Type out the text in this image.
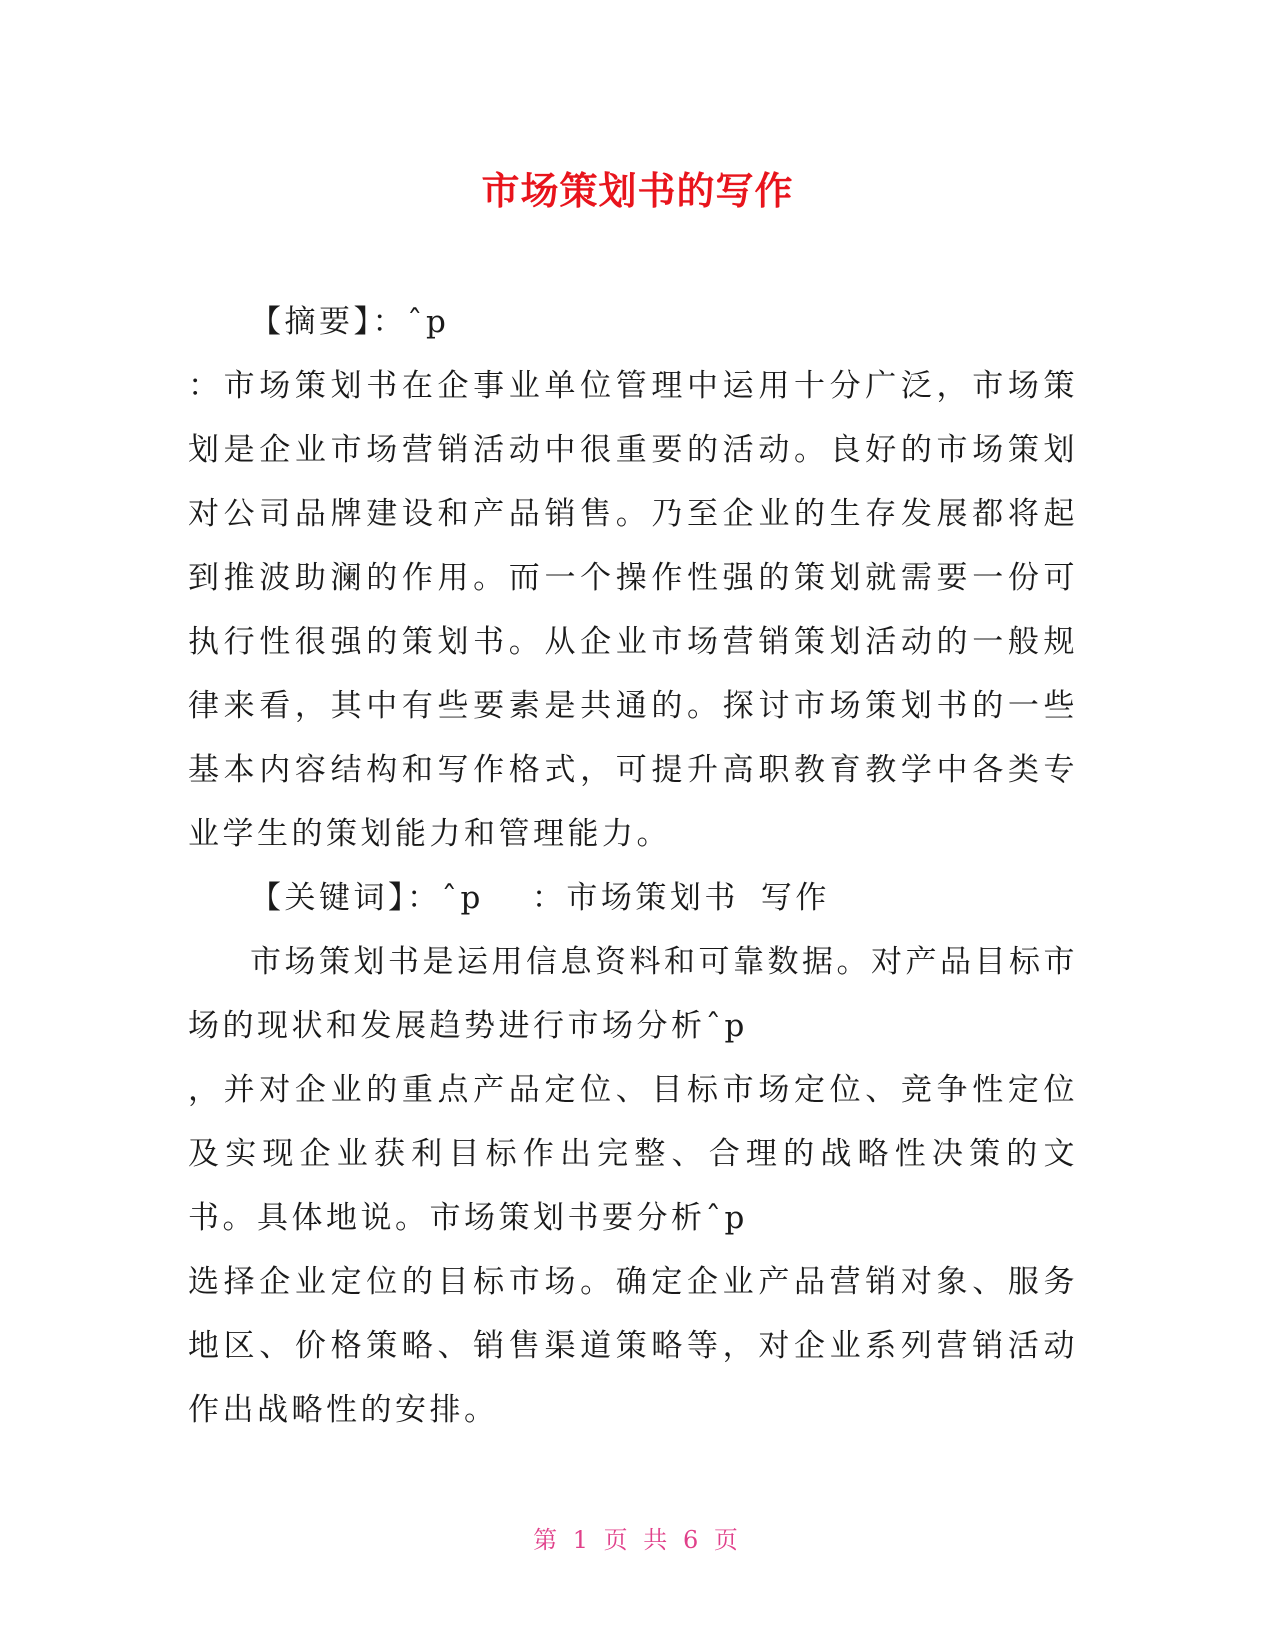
市场策划书的写作

【摘要】：ˆp

：市场策划书在企事业单位管理中运用十分广泛，市场策划是企业市场营销活动中很重要的活动。良好的市场策划对公司品牌建设和产品销售。乃至企业的生存发展都将起到推波助澜的作用。而一个操作性强的策划就需要一份可执行性很强的策划书。从企业市场营销策划活动的一般规律来看，其中有些要素是共通的。探讨市场策划书的一些基本内容结构和写作格式，可提升高职教育教学中各类专业学生的策划能力和管理能力。

【关键词】：ˆp ：市场策划书 写作

市场策划书是运用信息资料和可靠数据。对产品目标市场的现状和发展趋势进行市场分析ˆp

，并对企业的重点产品定位、目标市场定位、竞争性定位及实现企业获利目标作出完整、合理的战略性决策的文书。具体地说。市场策划书要分析ˆp

选择企业定位的目标市场。确定企业产品营销对象、服务地区、价格策略、销售渠道策略等，对企业系列营销活动作出战略性的安排。

第 1 页 共 6 页
